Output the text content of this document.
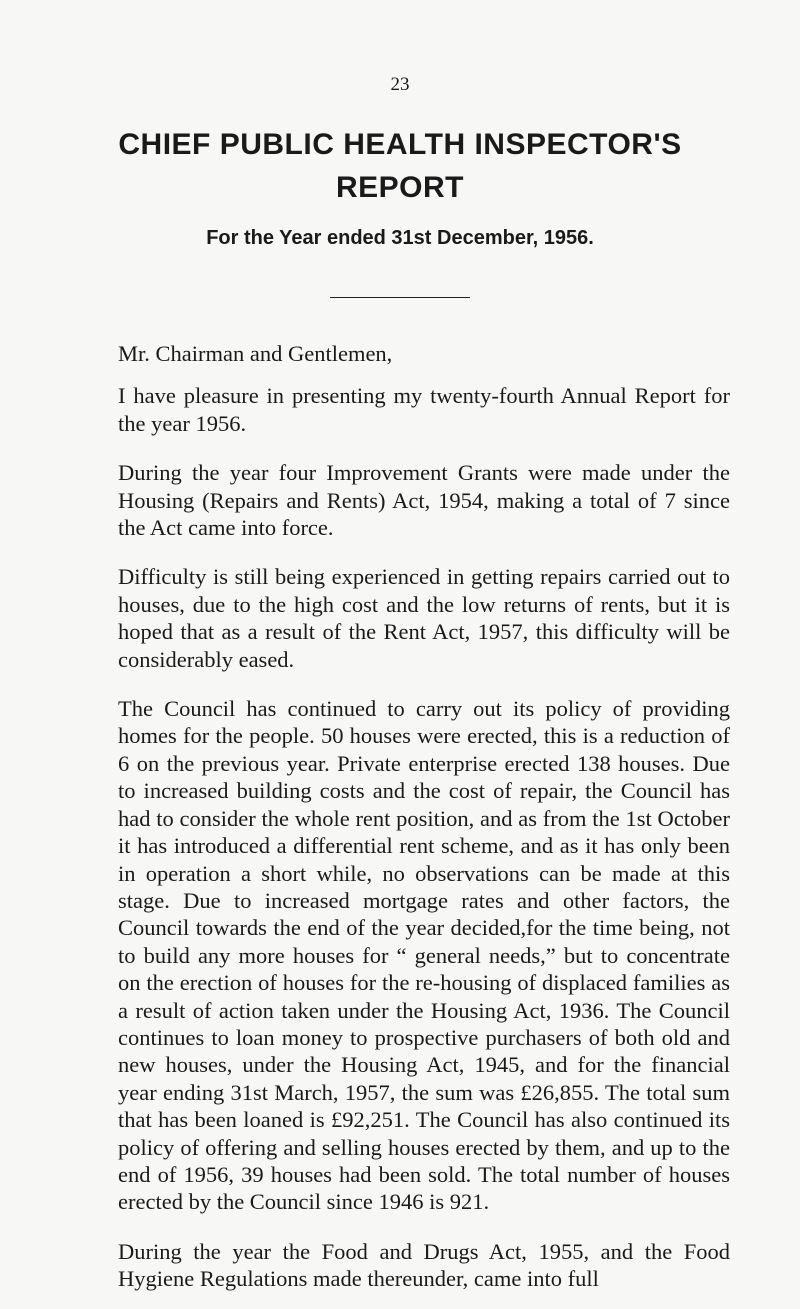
23
CHIEF PUBLIC HEALTH INSPECTOR'S
REPORT
For the Year ended 31st December, 1956.

Mr. Chairman and Gentlemen,

I have pleasure in presenting my twenty-fourth Annual Report for the year 1956.

During the year four Improvement Grants were made under the Housing (Repairs and Rents) Act, 1954, making a total of 7 since the Act came into force.

Difficulty is still being experienced in getting repairs carried out to houses, due to the high cost and the low returns of rents, but it is hoped that as a result of the Rent Act, 1957, this difficulty will be considerably eased.

The Council has continued to carry out its policy of providing homes for the people. 50 houses were erected, this is a reduction of 6 on the previous year. Private enterprise erected 138 houses. Due to increased building costs and the cost of repair, the Council has had to consider the whole rent position, and as from the 1st October it has introduced a differential rent scheme, and as it has only been in operation a short while, no observations can be made at this stage. Due to increased mortgage rates and other factors, the Council towards the end of the year decided,for the time being, not to build any more houses for “ general needs,” but to concentrate on the erection of houses for the re-housing of displaced families as a result of action taken under the Housing Act, 1936. The Council continues to loan money to prospective purchasers of both old and new houses, under the Housing Act, 1945, and for the financial year ending 31st March, 1957, the sum was £26,855. The total sum that has been loaned is £92,251. The Council has also continued its policy of offering and selling houses erected by them, and up to the end of 1956, 39 houses had been sold. The total number of houses erected by the Council since 1946 is 921.

During the year the Food and Drugs Act, 1955, and the Food Hygiene Regulations made thereunder, came into full
